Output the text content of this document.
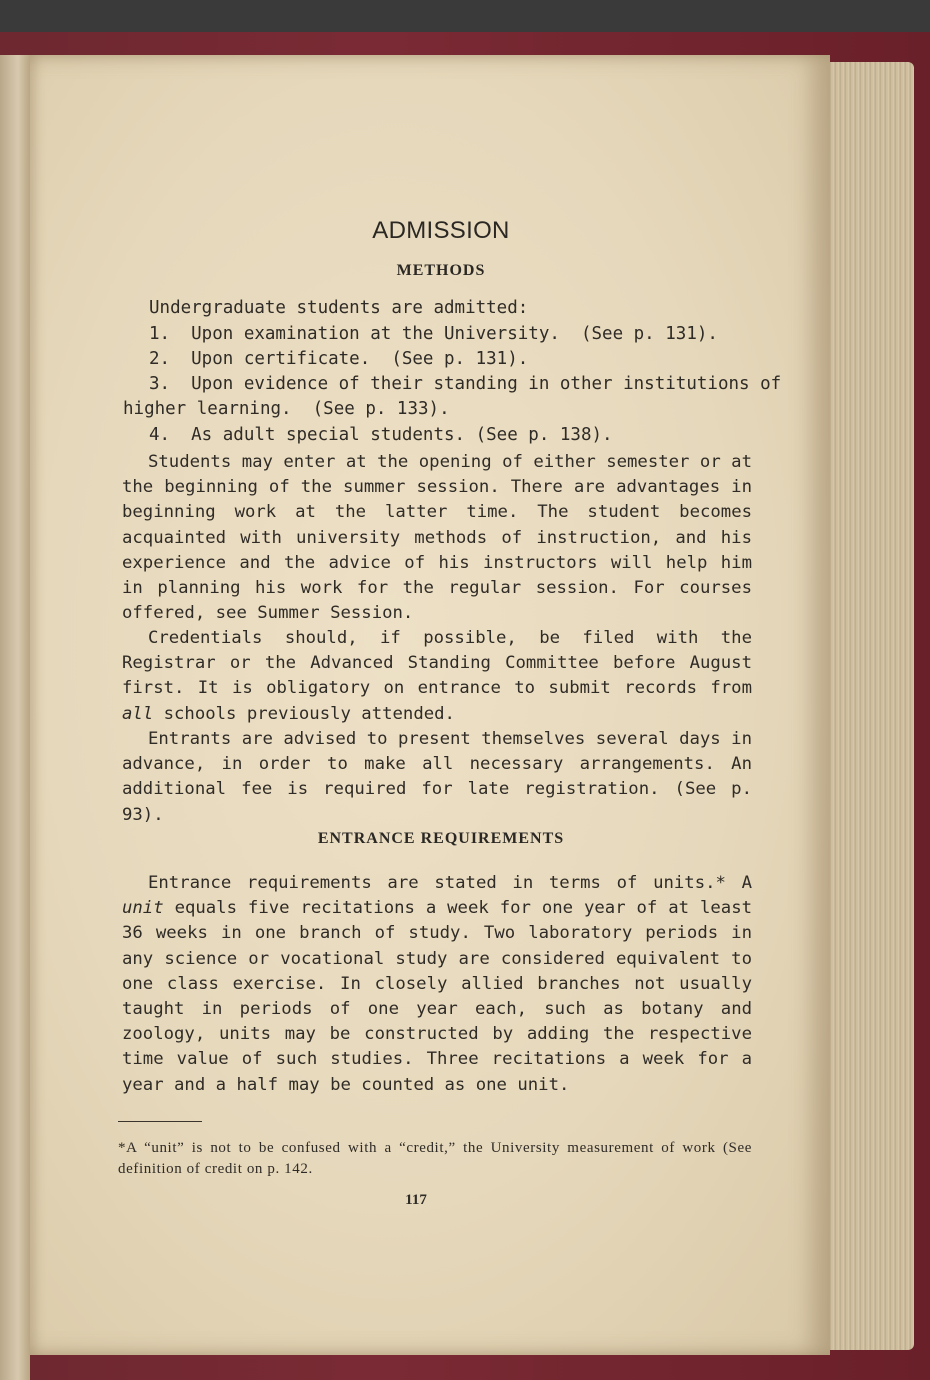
ADMISSION
METHODS
Undergraduate students are admitted:
1.  Upon examination at the University.  (See p. 131).
2.  Upon certificate.  (See p. 131).
3.  Upon evidence of their standing in other institutions of
higher learning.  (See p. 133).
4.  As adult special students. (See p. 138).
Students may enter at the opening of either semester or at the beginning of the summer session. There are advantages in beginning work at the latter time. The student becomes acquainted with university methods of instruction, and his experience and the advice of his instructors will help him in planning his work for the regular session. For courses offered, see Summer Session.
Credentials should, if possible, be filed with the Registrar or the Advanced Standing Committee before August first. It is obligatory on entrance to submit records from all schools previously attended.
Entrants are advised to present themselves several days in advance, in order to make all necessary arrangements. An additional fee is required for late registration. (See p. 93).
ENTRANCE REQUIREMENTS
Entrance requirements are stated in terms of units.* A unit equals five recitations a week for one year of at least 36 weeks in one branch of study. Two laboratory periods in any science or vocational study are considered equivalent to one class exercise. In closely allied branches not usually taught in periods of one year each, such as botany and zoology, units may be constructed by adding the respective time value of such studies. Three recitations a week for a year and a half may be counted as one unit.
*A “unit” is not to be confused with a “credit,” the University measurement of work (See definition of credit on p. 142.
117
